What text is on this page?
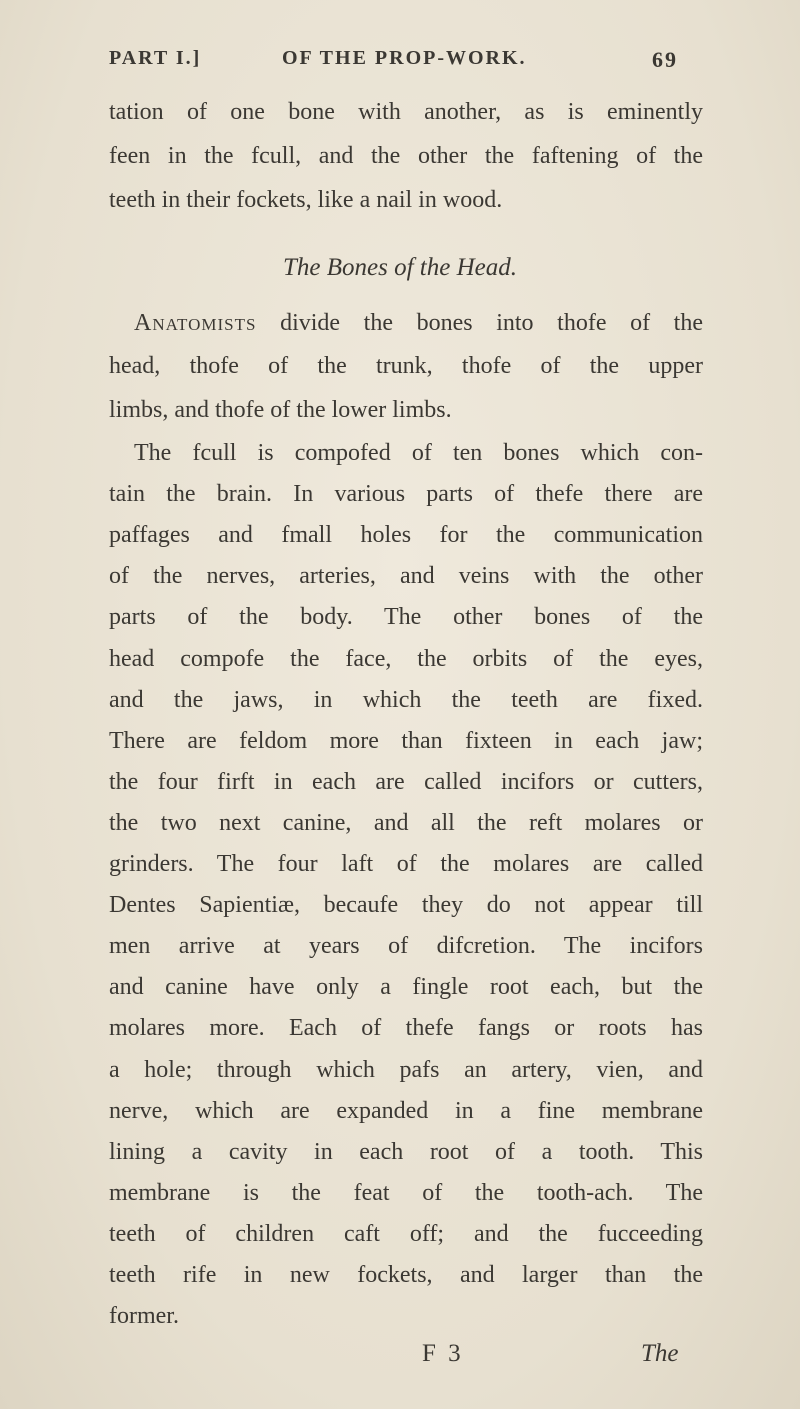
PART I.]	OF THE PROP-WORK.	69
tation of one bone with another, as is eminently
feen in the fcull, and the other the faftening of the
teeth in their fockets, like a nail in wood.
The Bones of the Head.
Anatomists divide the bones into thofe of the
head, thofe of the trunk, thofe of the upper
limbs, and thofe of the lower limbs.
The fcull is compofed of ten bones which con-
tain the brain. In various parts of thefe there are
paffages and fmall holes for the communication
of the nerves, arteries, and veins with the other
parts of the body. The other bones of the
head compofe the face, the orbits of the eyes,
and the jaws, in which the teeth are fixed.
There are feldom more than fixteen in each jaw;
the four firft in each are called incifors or cutters,
the two next canine, and all the reft molares or
grinders. The four laft of the molares are called
Dentes Sapientiæ, becaufe they do not appear till
men arrive at years of difcretion. The incifors
and canine have only a fingle root each, but the
molares more. Each of thefe fangs or roots has
a hole; through which pafs an artery, vien, and
nerve, which are expanded in a fine membrane
lining a cavity in each root of a tooth. This
membrane is the feat of the tooth-ach. The
teeth of children caft off; and the fucceeding
teeth rife in new fockets, and larger than the
former.
F 3	The
